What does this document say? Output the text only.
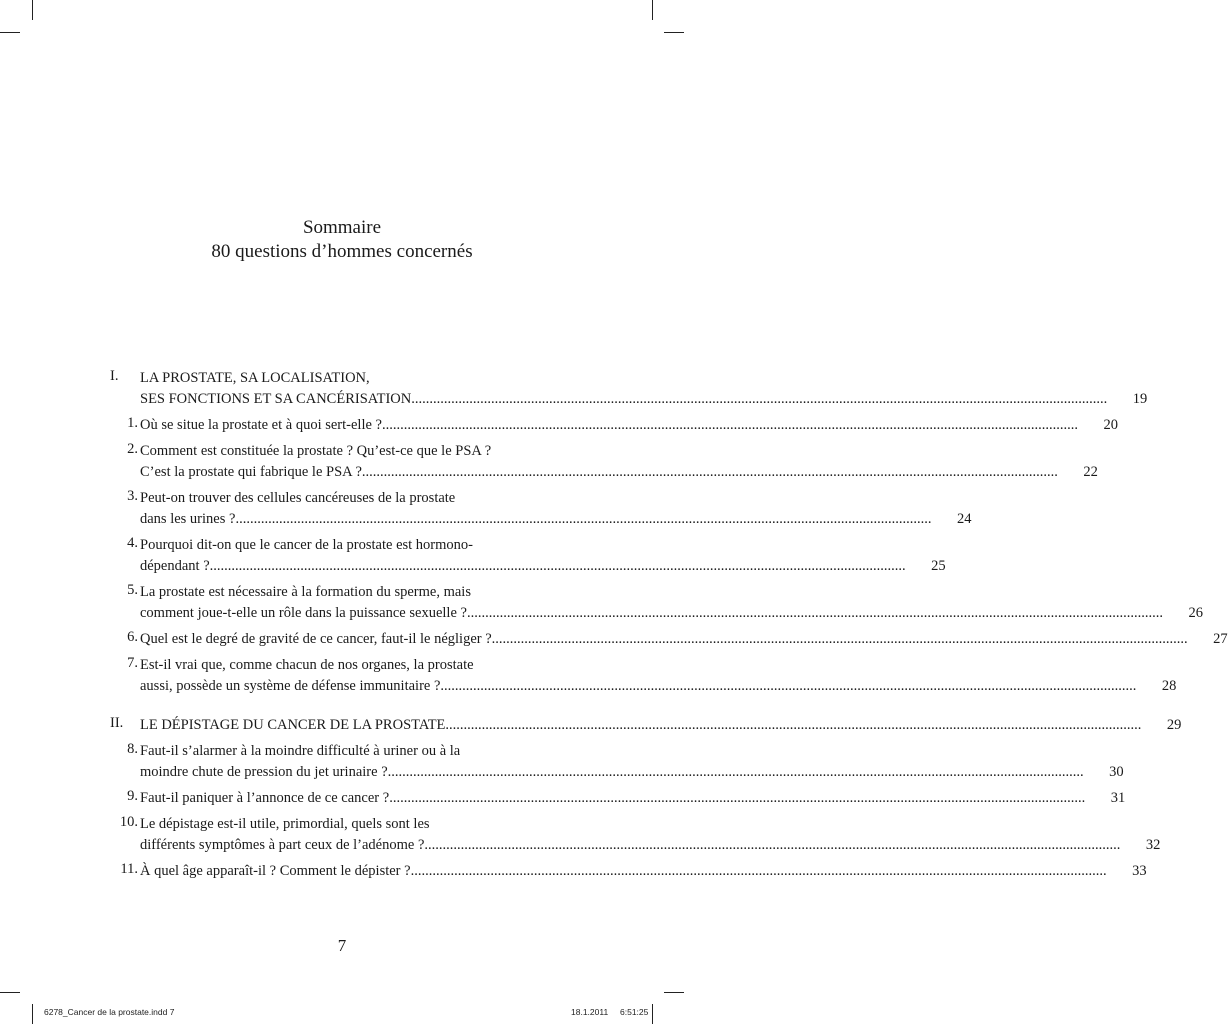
Sommaire
80 questions d’hommes concernés
I.	LA PROSTATE, SA LOCALISATION,
SES FONCTIONS ET SA CANCÉRISATION .....	19
1. Où se situe la prostate et à quoi sert-elle ? .....	20
2. Comment est constituée la prostate ? Qu’est-ce que le PSA ?
C’est la prostate qui fabrique le PSA ? .....	22
3. Peut-on trouver des cellules cancéreuses de la prostate
dans les urines ? .....	24
4. Pourquoi dit-on que le cancer de la prostate est hormono-
dépendant ? .....	25
5. La prostate est nécessaire à la formation du sperme, mais
comment joue-t-elle un rôle dans la puissance sexuelle ? .....	26
6. Quel est le degré de gravité de ce cancer, faut-il le négliger ? .....	27
7. Est-il vrai que, comme chacun de nos organes, la prostate
aussi, possède un système de défense immunitaire ? .....	28
II.	LE DÉPISTAGE DU CANCER DE LA PROSTATE .....	29
8. Faut-il s’alarmer à la moindre difficulté à uriner ou à la
moindre chute de pression du jet urinaire ? .....	30
9. Faut-il paniquer à l’annonce de ce cancer ? .....	31
10. Le dépistage est-il utile, primordial, quels sont les
différents symptômes à part ceux de l’adénome ? .....	32
11. À quel âge apparaît-il ? Comment le dépister ? .....	33
7
6278_Cancer de la prostate.indd 7	18.1.2011 6:51:25
